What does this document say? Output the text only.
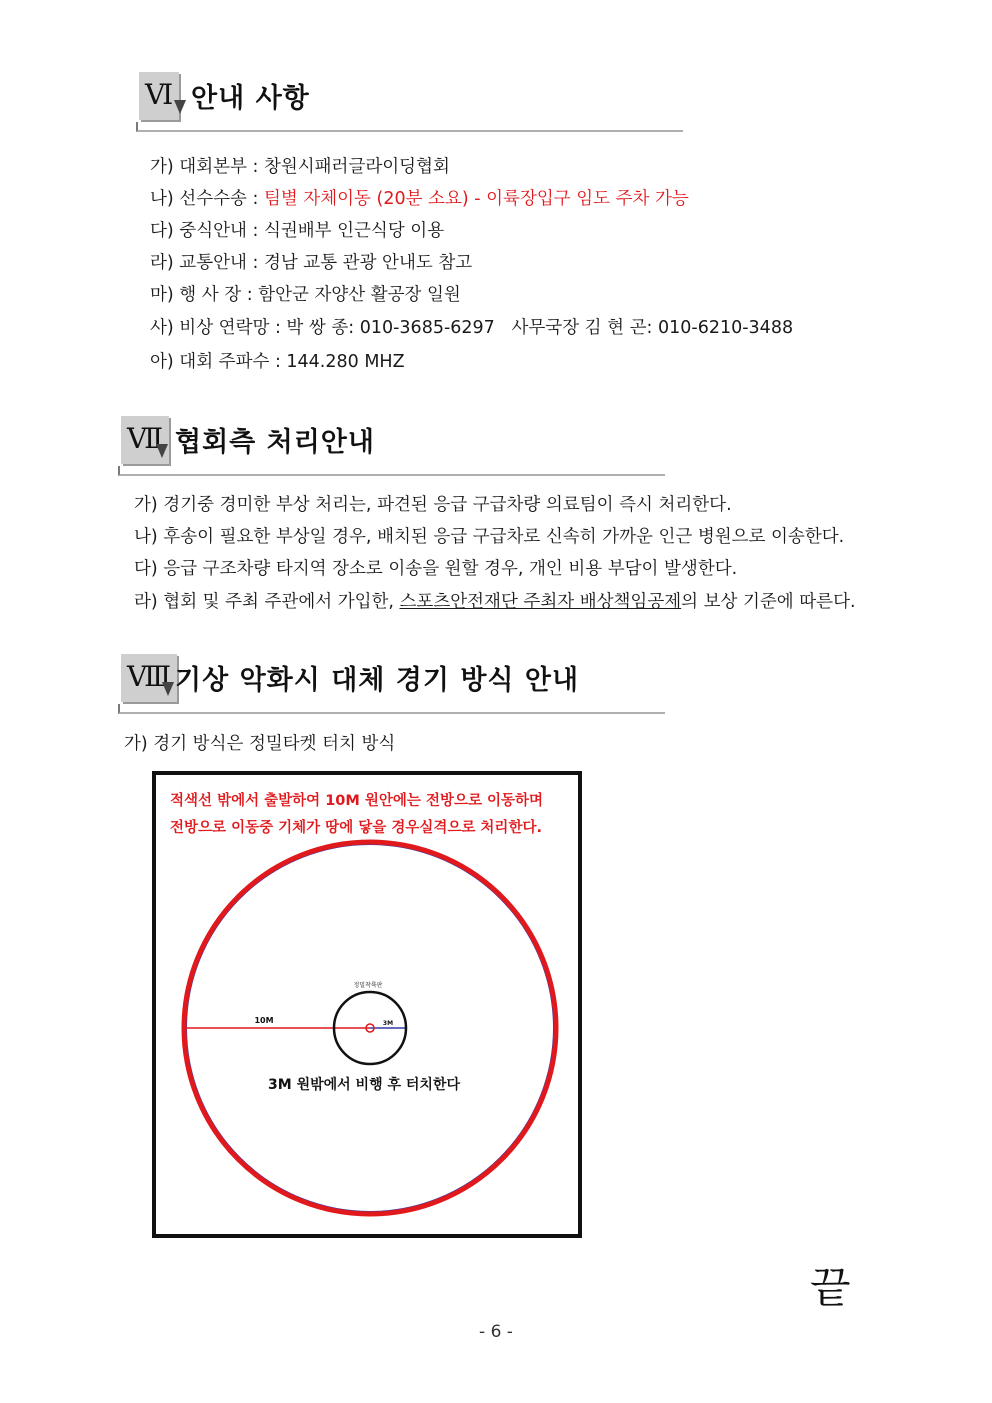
Ⅵ 안내 사항
가) 대회본부 : 창원시패러글라이딩협회
나) 선수수송 : 팀별 자체이동 (20분 소요) - 이륙장입구 임도 주차 가능
다) 중식안내 : 식권배부 인근식당 이용
라) 교통안내 : 경남 교통 관광 안내도 참고
마) 행 사 장 : 함안군 자양산 활공장 일원
사) 비상 연락망 : 박 쌍 종: 010-3685-6297   사무국장 김 현 곤: 010-6210-3488
아) 대회 주파수 : 144.280 MHZ
Ⅶ 협회측 처리안내
가) 경기중 경미한 부상 처리는, 파견된 응급 구급차량 의료팀이 즉시 처리한다.
나) 후송이 필요한 부상일 경우, 배치된 응급 구급차로 신속히 가까운 인근 병원으로 이송한다.
다) 응급 구조차량 타지역 장소로 이송을 원할 경우, 개인 비용 부담이 발생한다.
라) 협회 및 주최 주관에서 가입한, 스포츠안전재단 주최자 배상책임공제의 보상 기준에 따른다.
Ⅷ 기상 악화시 대체 경기 방식 안내
가) 경기 방식은 정밀타켓 터치 방식
적색선 밖에서 출발하여 10M 원안에는 전방으로 이동하며
전방으로 이동중 기체가 땅에 닿을 경우실격으로 처리한다.
정밀착륙판
10M	3M
3M 원밖에서 비행 후 터치한다
끝
- 6 -
